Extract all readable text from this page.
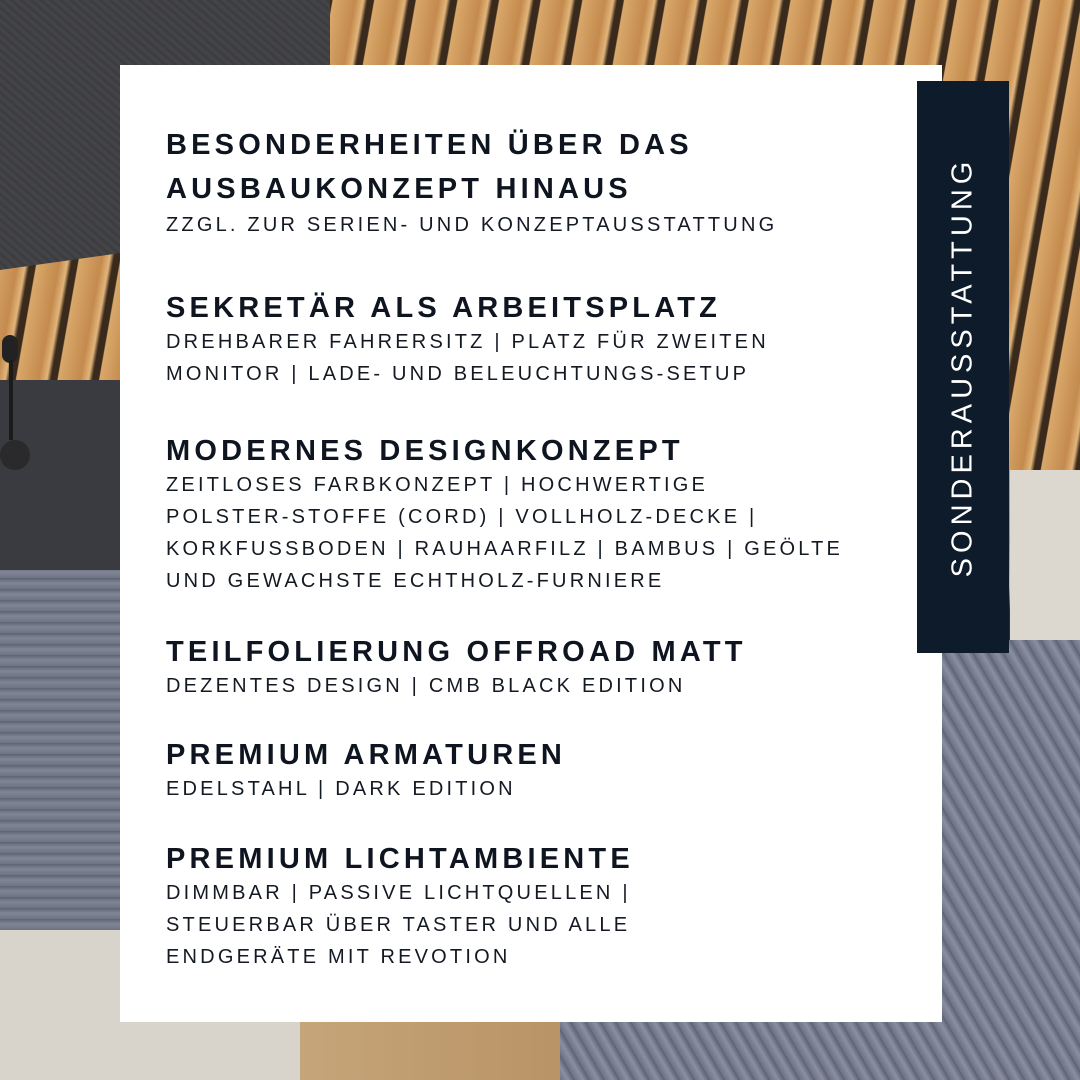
BESONDERHEITEN ÜBER DAS
AUSBAUKONZEPT HINAUS

ZZGL. ZUR SERIEN- UND KONZEPTAUSSTATTUNG

SEKRETÄR ALS ARBEITSPLATZ

DREHBARER FAHRERSITZ | PLATZ FÜR ZWEITEN
MONITOR | LADE- UND BELEUCHTUNGS-SETUP

MODERNES DESIGNKONZEPT

ZEITLOSES FARBKONZEPT | HOCHWERTIGE
POLSTER-STOFFE (CORD) | VOLLHOLZ-DECKE |
KORKFUSSBODEN | RAUHAARFILZ | BAMBUS | GEÖLTE
UND GEWACHSTE ECHTHOLZ-FURNIERE

TEILFOLIERUNG OFFROAD MATT

DEZENTES DESIGN | CMB BLACK EDITION

PREMIUM ARMATUREN

EDELSTAHL | DARK EDITION

PREMIUM LICHTAMBIENTE

DIMMBAR | PASSIVE LICHTQUELLEN |
STEUERBAR ÜBER TASTER UND ALLE
ENDGERÄTE MIT REVOTION

SONDERAUSSTATTUNG
